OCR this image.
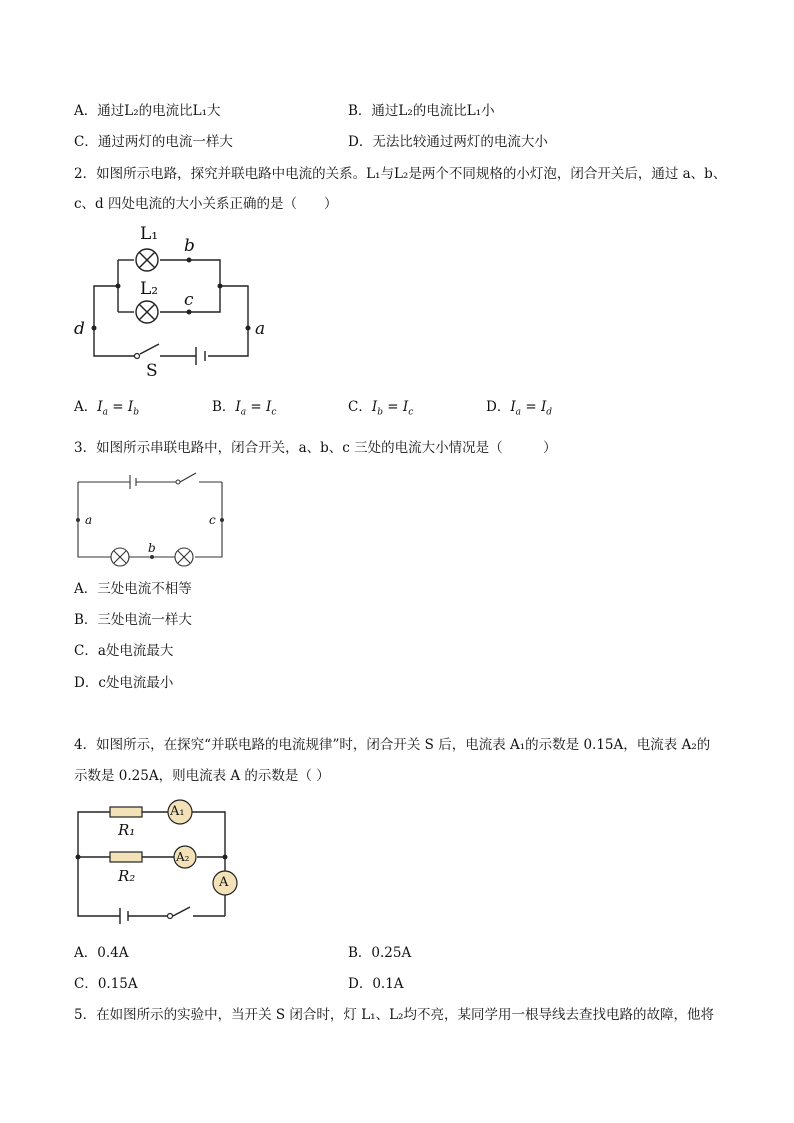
A．通过L₂的电流比L₁大	B．通过L₂的电流比L₁小
C．通过两灯的电流一样大	D．无法比较通过两灯的电流大小
2．如图所示电路，探究并联电路中电流的关系。L₁与L₂是两个不同规格的小灯泡，闭合开关后，通过 a、b、
c、d 四处电流的大小关系正确的是（　　）
L₁
b
L₂
c
d	a
S
A．$I_a = I_b$	B．$I_a = I_c$	C．$I_b = I_c$	D．$I_a = I_d$
3．如图所示串联电路中，闭合开关，a、b、c 三处的电流大小情况是（　　　）
a	c
b
A．三处电流不相等
B．三处电流一样大
C．a处电流最大
D．c处电流最小
4．如图所示，在探究“并联电路的电流规律”时，闭合开关 S 后，电流表 A₁的示数是 0.15A，电流表 A₂的
示数是 0.25A，则电流表 A 的示数是（ ）
A₁
A₂
A
R₁
R₂
A．0.4A	B．0.25A
C．0.15A	D．0.1A
5．在如图所示的实验中，当开关 S 闭合时，灯 L₁、L₂均不亮，某同学用一根导线去查找电路的故障，他将
